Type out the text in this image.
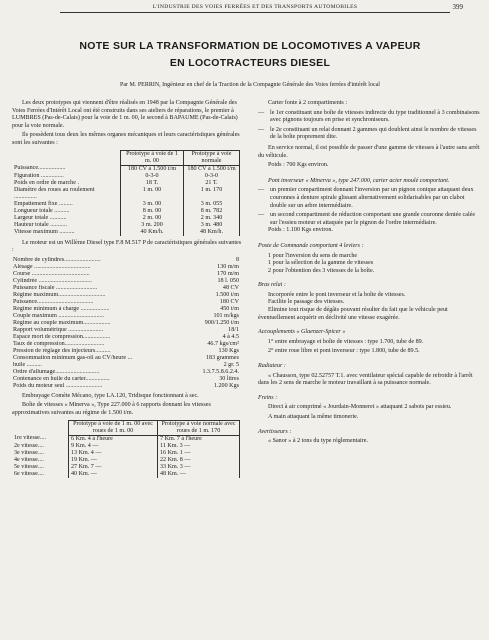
L'INDUSTRIE DES VOIES FERRÉES ET DES TRANSPORTS AUTOMOBILES	399
NOTE SUR LA TRANSFORMATION DE LOCOMOTIVES A VAPEUR
EN LOCOTRACTEURS DIESEL
Par M. PERRIN, Ingénieur en chef de la Traction de la Compagnie Générale des Voies ferrées d'intérêt local

Les deux prototypes qui viennent d'être réalisés en 1948 par la Compagnie Générale des Voies Ferrées d'Intérêt Local ont été construits dans ses ateliers de réparations, le premier à LUMBRES (Pas-de-Calais) pour la voie de 1 m. 00, le second à BAPAUME (Pas-de-Calais) pour la voie normale.

Ils possèdent tous deux les mêmes organes mécaniques et leurs caractéristiques générales sont les suivantes :

	Prototype à voie de 1 m. 00	Prototype à voie normale
Puissance..................	180 CV à 1.500 t/m	180 CV à 1.500 t/m
Figuration ...............	0-3-0	0-3-0
Poids en ordre de marche .	18 T.	21 T.
Diamètre des roues au roulement ...............	1 m. 00	1 m. 170
Empattement fixe .........	3 m. 00	3 m. 055
Longueur totale ..........	8 m. 00	8 m. 782
Largeur totale ...........	2 m. 00	2 m. 340
Hauteur totale ...........	3 m. 200	3 m. 480
Vitesse maximum ..........	40 Km/h.	48 Km/h.

Le moteur est un Willème Diesel type F.8 M.517 P de caractéristiques générales suivantes :

Nombre de cylindres........................	8
Alésage .....................................	130 m/m
Course ......................................	170 m/m
Cylindrée ...................................	18 l. 050
Puissance fiscale ...........................	48 CV
Régime maximum...............................	1.500 t/m
Puissance.....................................	180 CV
Régime minimum à charge ...................	450 t/m
Couple maximum ..............................	101 m/kgs
Régime au couple maximum..................	900/1.250 t/m
Rapport volumétrique .......................	18/1
Espace mort de compression..................	4 à 4.5
Taux de compression..........................	46.7 kgs/cm²
Pression de réglage des injecteurs..........	130 Kgs
Consommation minimum gas-oil au CV/heure ...	183 grammes
huile ..........	2 gr. 5
Ordre d'allumage.............................	1.3.7.5.8.6.2.4.
Contenance en huile du carter................	30 litres
Poids du moteur seul ........................	1.200 Kgs

Embrayage Comète Mécano, type LA.120, Tridisque fonctionnant à sec.

Boîte de vitesses « Minerva », Type 227.000 à 6 rapports donnant les vitesses approximatives suivantes au régime de 1.500 t/m.

	Prototype à voie de 1 m. 00 avec roues de 1 m. 00	Prototype à voie normale avec roues de 1 m. 170
1re vitesse....	6 Km. 4 à l'heure	7 Km. 7 à l'heure
2e vitesse....	9 Km. 4 —	11 Km. 3 —
3e vitesse....	13 Km. 4 —	16 Km. 1 —
4e vitesse....	19 Km. —	22 Km. 8 —
5e vitesse....	27 Km. 7 —	33 Km. 3 —
6e vitesse....	40 Km. —	48 Km. —

Carter fonte à 2 compartiments :

— le 1er constituant une boîte de vitesses indirecte du type traditionnel à 3 combinaisons avec pignons toujours en prise et synchroniseurs.
— le 2e constituant un relai donnant 2 gammes qui doublent ainsi le nombre de vitesses de la boîte proprement dite.

En service normal, il est possible de passer d'une gamme de vitesses à l'autre sans arrêt du véhicule.

Poids : 700 Kgs environ.

Pont inverseur « Minerva », type 247.000, carter acier moulé comportant.

— un premier compartiment donnant l'inversion par un pignon conique attaquant deux couronnes à denture spirale glissant alternativement solidarisables par un clabot double sur un arbre intermédiaire.
— un second compartiment de réduction comportant une grande couronne dentée calée sur l'essieu moteur et attaquée par le pignon de l'ordre intermédiaire.

Poids : 1.100 Kgs environ.

Poste de Commande comportant 4 leviers :

1 pour l'inversion du sens de marche

1 pour la sélection de la gamme de vitesses

2 pour l'obtention des 3 vitesses de la boîte.

Bras relai :

Incorporée entre le pont inverseur et la boîte de vitesses.

Facilite le passage des vitesses.

Elimine tout risque de dégâts pouvant résulter du fait que le véhicule peut éventuellement acquérir en déclivité une vitesse exagérée.

Accouplements « Glaenzer-Spicer »

1° entre embrayage et boîte de vitesses : type 1.700, tube de 89.

2° entre roue libre et pont inverseur : type 1.800, tube de 89.5.

Radiateur :

« Chausson, type 02.52757 T.1. avec ventilateur spécial capable de refroidir à l'arrêt dans les 2 sens de marche le moteur travaillant à sa puissance normale.

Freins :

Direct à air comprimé « Jourdain-Monneret » attaquant 2 sabots par essieu.

A main attaquant la même timonerie.

Avertisseurs :

« Sanor » à 2 tons du type réglementaire.
